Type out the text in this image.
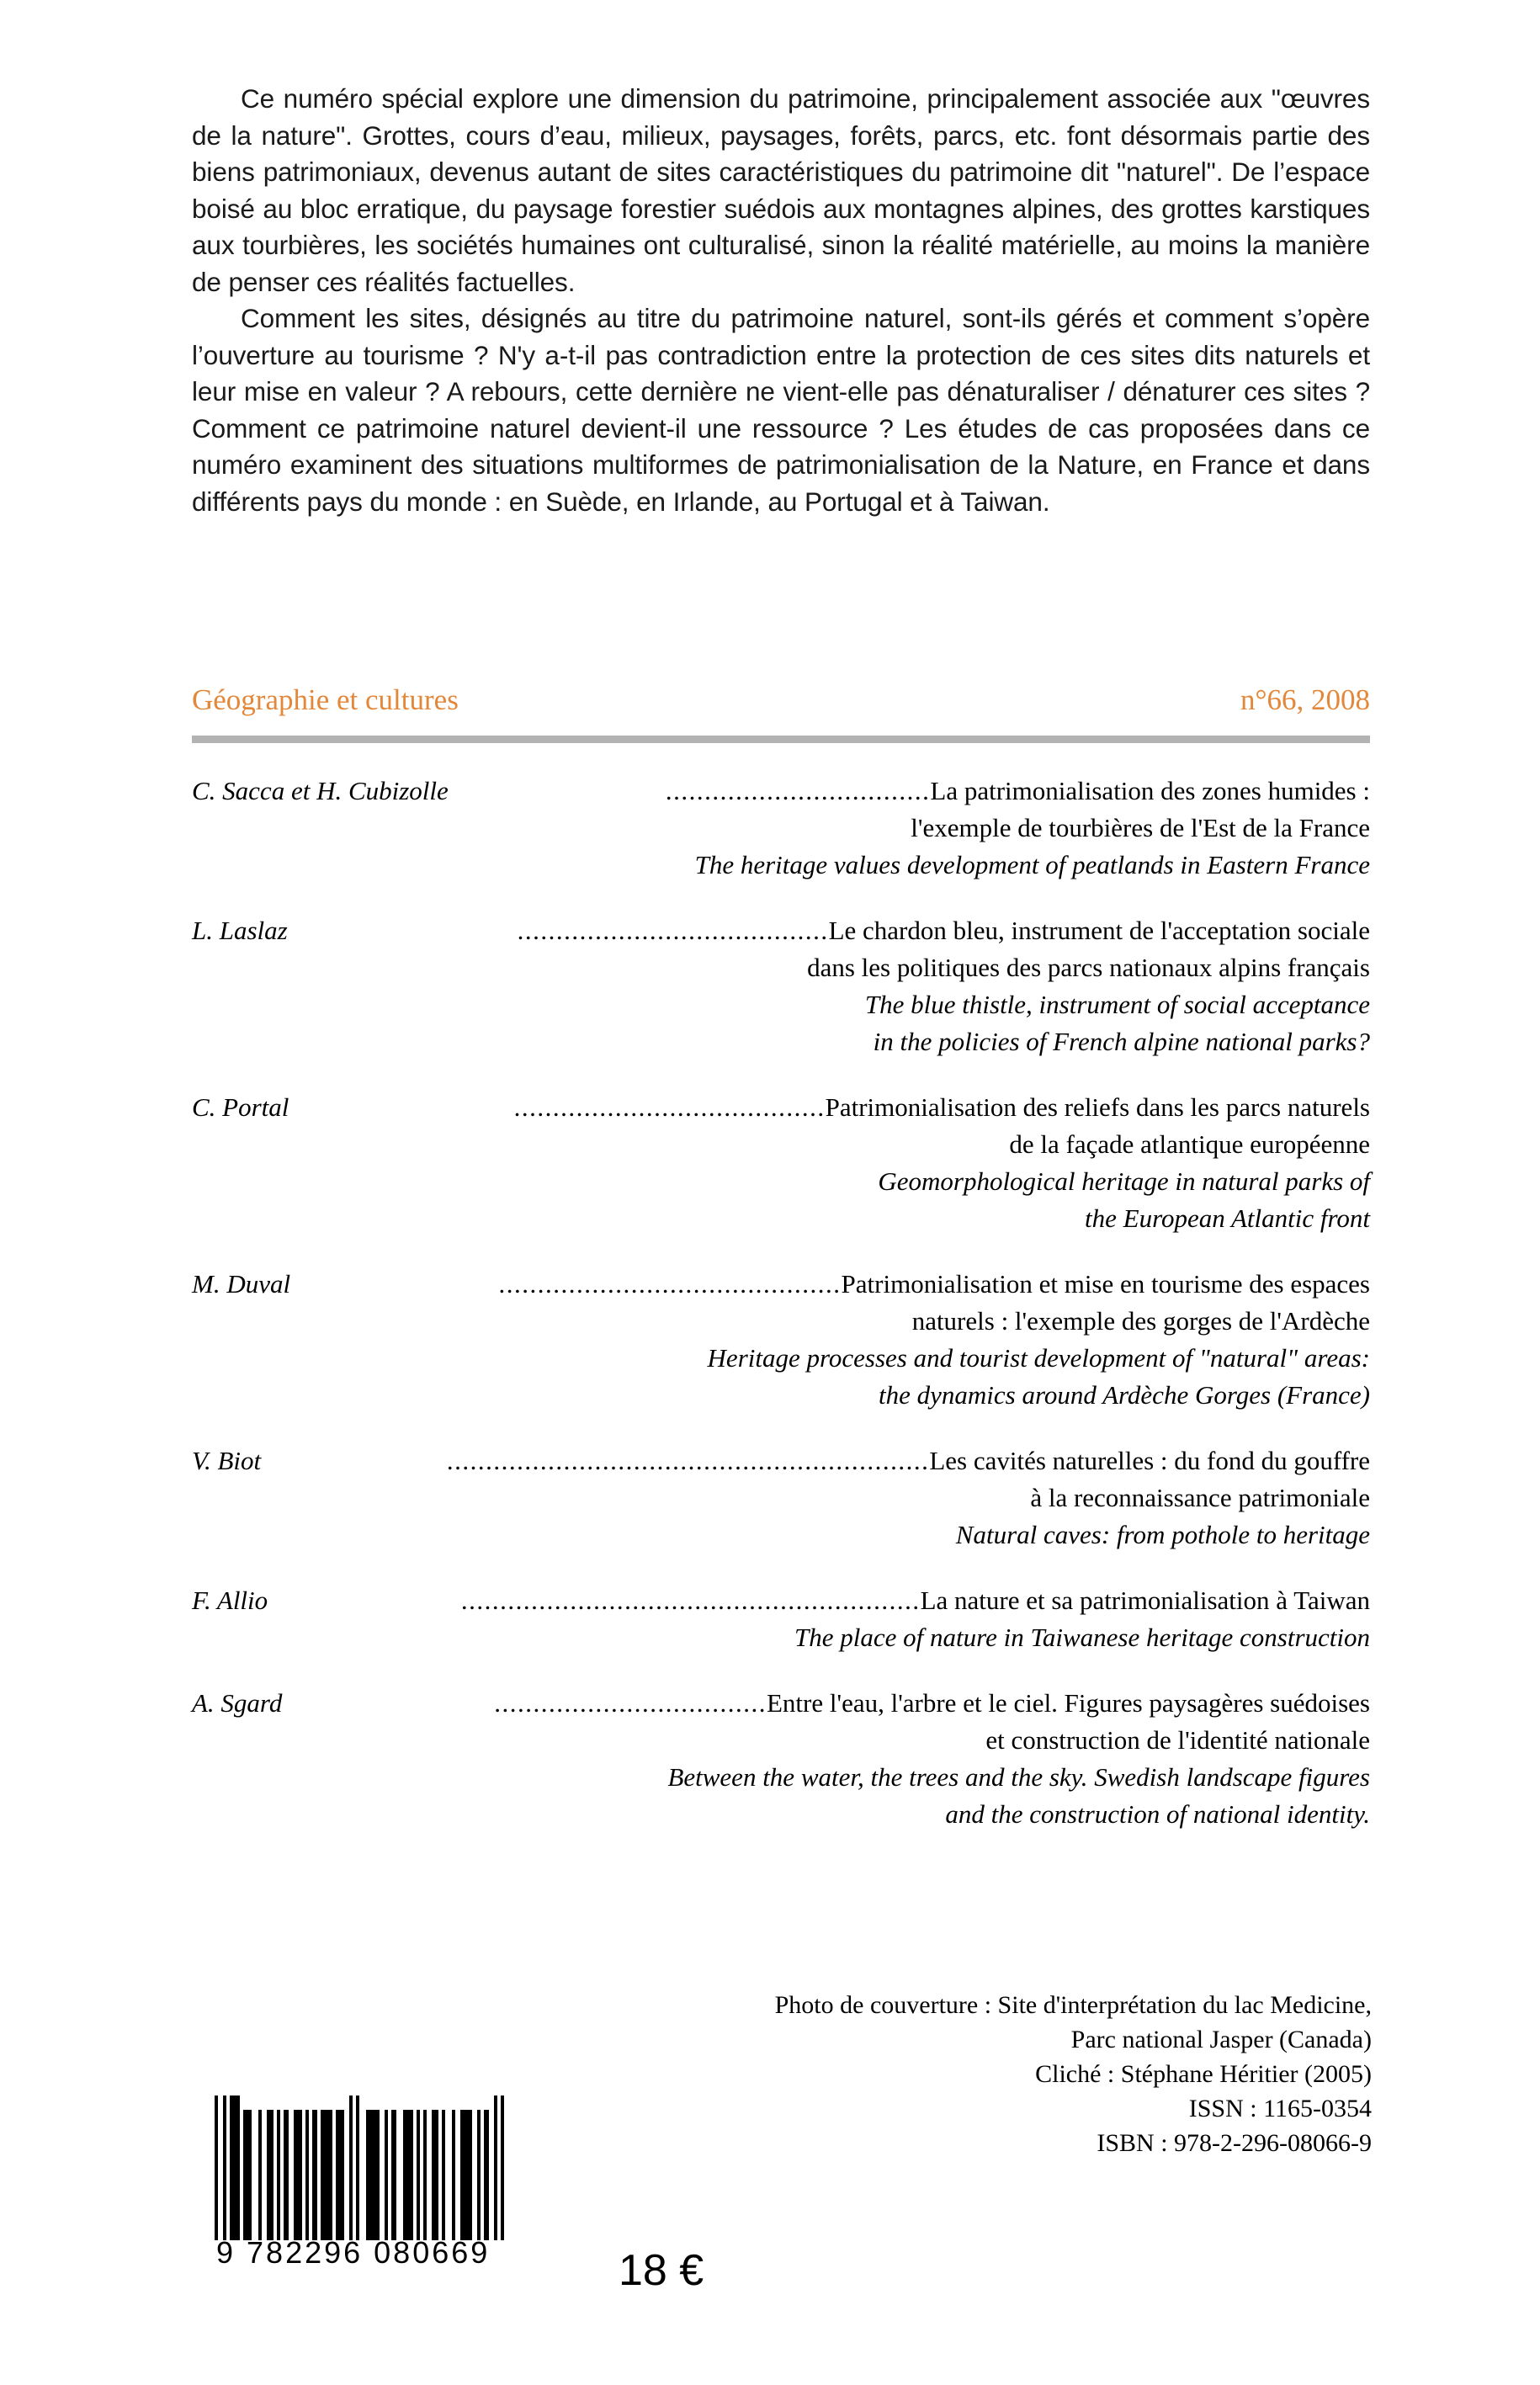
Ce numéro spécial explore une dimension du patrimoine, principalement associée aux "œuvres de la nature". Grottes, cours d’eau, milieux, paysages, forêts, parcs, etc. font désormais partie des biens patrimoniaux, devenus autant de sites caractéristiques du patrimoine dit "naturel". De l’espace boisé au bloc erratique, du paysage forestier suédois aux montagnes alpines, des grottes karstiques aux tourbières, les sociétés humaines ont culturalisé, sinon la réalité matérielle, au moins la manière de penser ces réalités factuelles.

Comment les sites, désignés au titre du patrimoine naturel, sont-ils gérés et comment s’opère l’ouverture au tourisme ? N'y a-t-il pas contradiction entre la protection de ces sites dits naturels et leur mise en valeur ? A rebours, cette dernière ne vient-elle pas dénaturaliser / dénaturer ces sites ? Comment ce patrimoine naturel devient-il une ressource ? Les études de cas proposées dans ce numéro examinent des situations multiformes de patrimonialisation de la Nature, en France et dans différents pays du monde : en Suède, en Irlande, au Portugal et à Taiwan.

Géographie et cultures	n°66, 2008
C. Sacca et H. Cubizolle	..................................La patrimonialisation des zones humides :
l'exemple de tourbières de l'Est de la France
The heritage values development of peatlands in Eastern France
L. Laslaz	........................................Le chardon bleu, instrument de l'acceptation sociale
dans les politiques des parcs nationaux alpins français
The blue thistle, instrument of social acceptance
in the policies of French alpine national parks?
C. Portal	........................................Patrimonialisation des reliefs dans les parcs naturels
de la façade atlantique européenne
Geomorphological heritage in natural parks of
the European Atlantic front
M. Duval	............................................Patrimonialisation et mise en tourisme des espaces
naturels : l'exemple des gorges de l'Ardèche
Heritage processes and tourist development of "natural" areas:
the dynamics around Ardèche Gorges (France)
V. Biot	..............................................................Les cavités naturelles : du fond du gouffre
à la reconnaissance patrimoniale
Natural caves: from pothole to heritage
F. Allio	...........................................................La nature et sa patrimonialisation à Taiwan
The place of nature in Taiwanese heritage construction
A. Sgard	...................................Entre l'eau, l'arbre et le ciel. Figures paysagères suédoises
et construction de l'identité nationale
Between the water, the trees and the sky. Swedish landscape figures
and the construction of national identity.
Photo de couverture : Site d'interprétation du lac Medicine,
Parc national Jasper (Canada)
Cliché : Stéphane Héritier (2005)
ISSN : 1165-0354
ISBN : 978-2-296-08066-9
9 782296 080669	18 €
